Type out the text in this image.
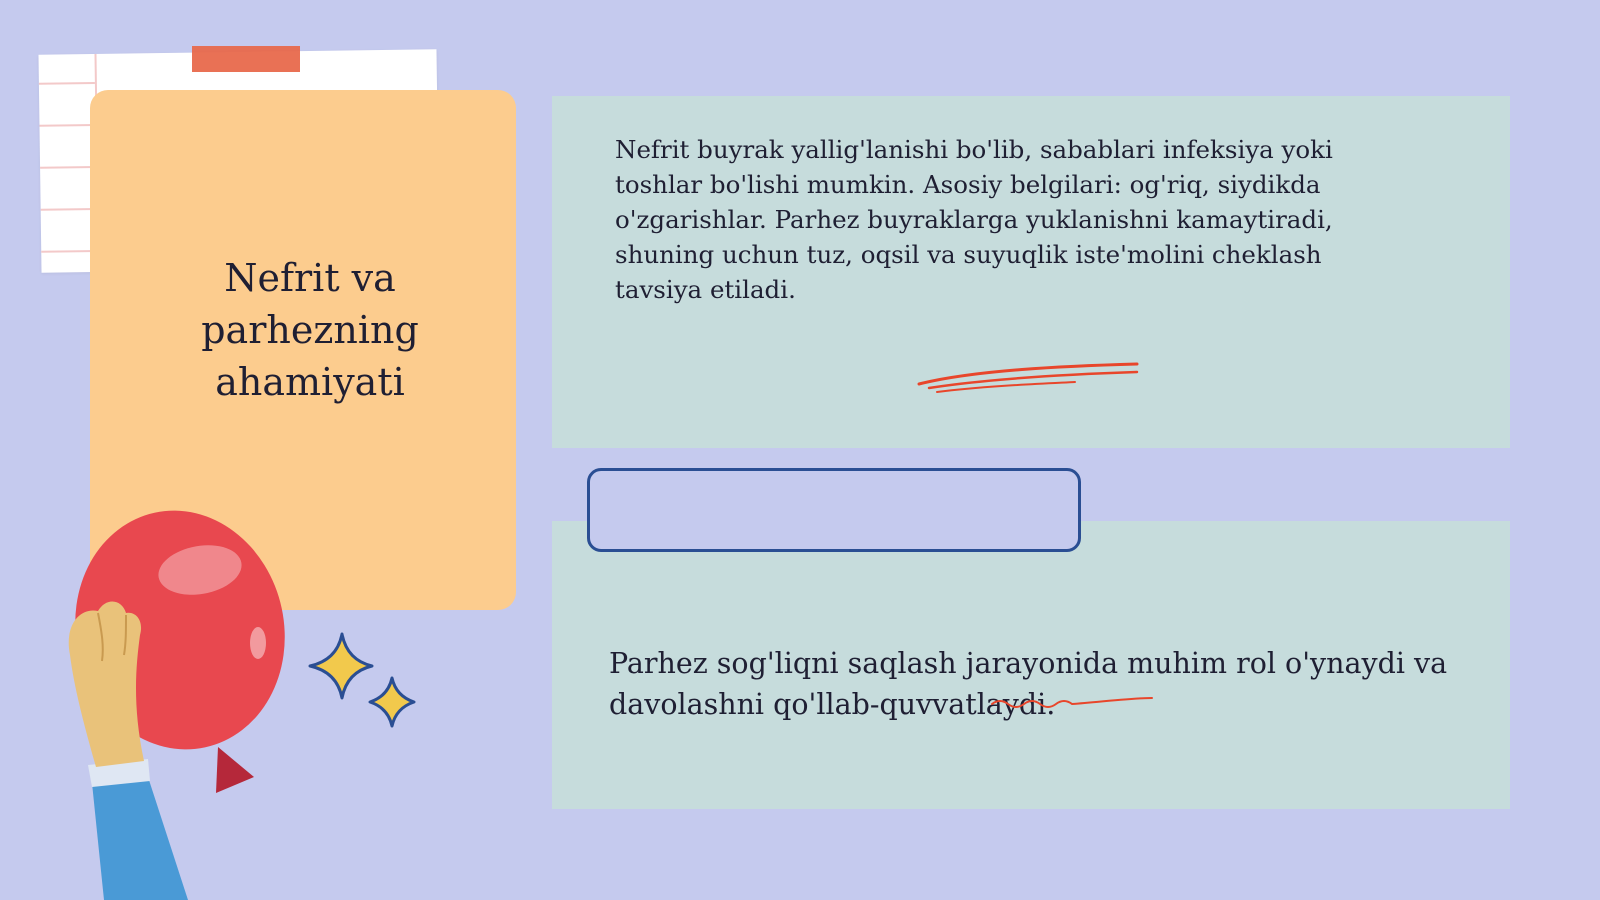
Nefrit va parhezning ahamiyati
Nefrit buyrak yallig'lanishi bo'lib, sabablari infeksiya yoki toshlar bo'lishi mumkin. Asosiy belgilari: og'riq, siydikda o'zgarishlar. Parhez buyraklarga yuklanishni kamaytiradi, shuning uchun tuz, oqsil va suyuqlik iste'molini cheklash tavsiya etiladi.
Parhez sog'liqni saqlash jarayonida muhim rol o'ynaydi va davolashni qo'llab-quvvatlaydi.
